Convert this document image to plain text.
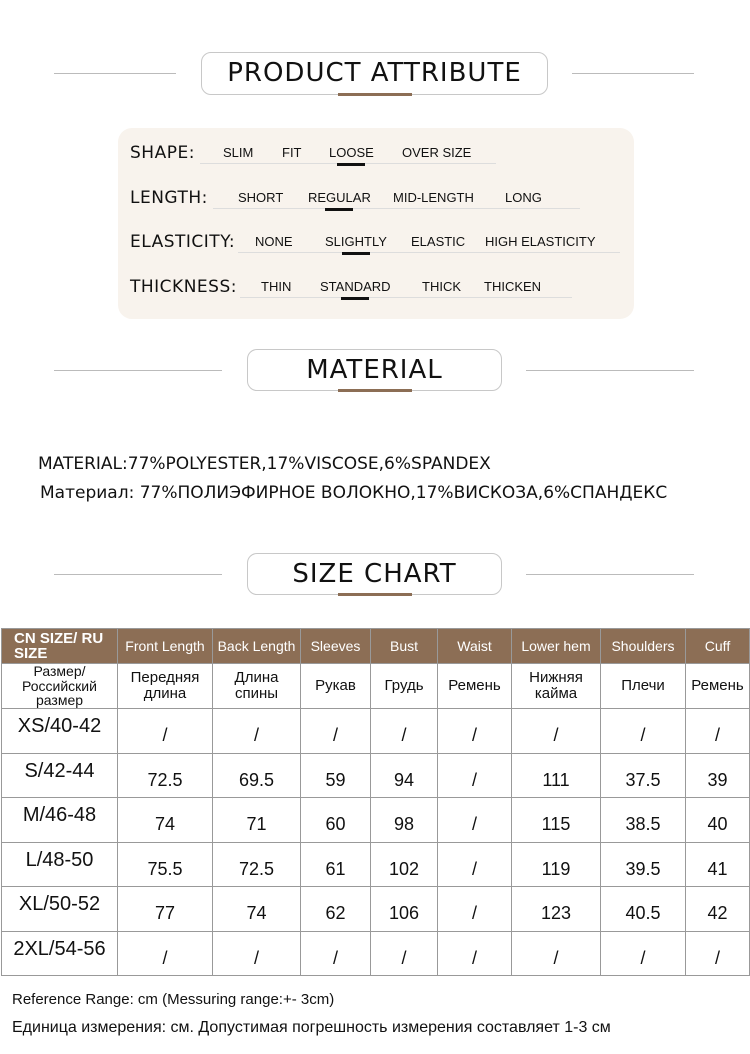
PRODUCT ATTRIBUTE
SHAPE: SLIM FIT LOOSE OVER SIZE
LENGTH: SHORT REGULAR MID-LENGTH LONG
ELASTICITY: NONE SLIGHTLY ELASTIC HIGH ELASTICITY
THICKNESS: THIN STANDARD THICK THICKEN
MATERIAL
MATERIAL:77%POLYESTER,17%VISCOSE,6%SPANDEX
Материал: 77%ПОЛИЭФИРНОЕ ВОЛОКНО,17%ВИСКОЗА,6%СПАНДЕКС
SIZE CHART
CN SIZE/ RU SIZE	Front Length	Back Length	Sleeves	Bust	Waist	Lower hem	Shoulders	Cuff
Размер/ Российский размер	Передняя длина	Длина спины	Рукав	Грудь	Ремень	Нижняя кайма	Плечи	Ремень
XS/40-42	/	/	/	/	/	/	/	/
S/42-44	72.5	69.5	59	94	/	111	37.5	39
M/46-48	74	71	60	98	/	115	38.5	40
L/48-50	75.5	72.5	61	102	/	119	39.5	41
XL/50-52	77	74	62	106	/	123	40.5	42
2XL/54-56	/	/	/	/	/	/	/	/
Reference Range: cm (Messuring range:+- 3cm)
Единица измерения: см. Допустимая погрешность измерения составляет 1-3 см
